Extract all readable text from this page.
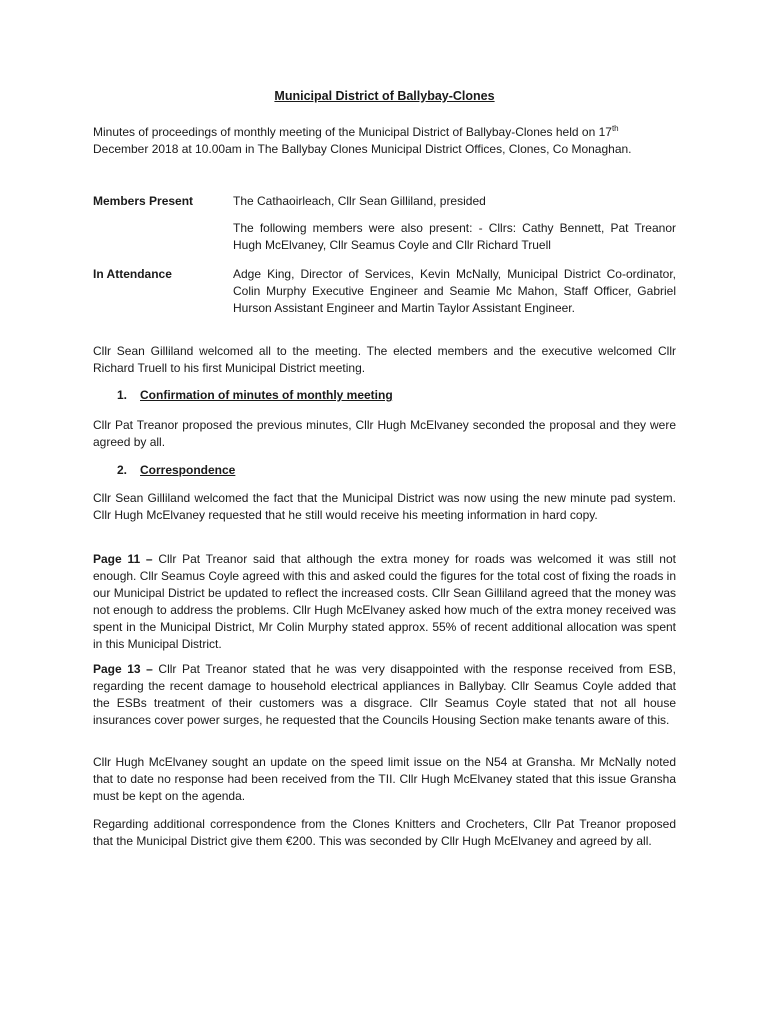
Municipal District of Ballybay-Clones

Minutes of proceedings of monthly meeting of the Municipal District of Ballybay-Clones held on 17th December 2018 at 10.00am in The Ballybay Clones Municipal District Offices, Clones, Co Monaghan.

Members Present	The Cathaoirleach, Cllr Sean Gilliland, presided

The following members were also present: - Cllrs: Cathy Bennett, Pat Treanor Hugh McElvaney, Cllr Seamus Coyle and Cllr Richard Truell

In Attendance	Adge King, Director of Services, Kevin McNally, Municipal District Co-ordinator, Colin Murphy Executive Engineer and Seamie Mc Mahon, Staff Officer, Gabriel Hurson Assistant Engineer and Martin Taylor Assistant Engineer.

Cllr Sean Gilliland welcomed all to the meeting. The elected members and the executive welcomed Cllr Richard Truell to his first Municipal District meeting.

1. Confirmation of minutes of monthly meeting

Cllr Pat Treanor proposed the previous minutes, Cllr Hugh McElvaney seconded the proposal and they were agreed by all.

2. Correspondence

Cllr Sean Gilliland welcomed the fact that the Municipal District was now using the new minute pad system. Cllr Hugh McElvaney requested that he still would receive his meeting information in hard copy.

Page 11 – Cllr Pat Treanor said that although the extra money for roads was welcomed it was still not enough. Cllr Seamus Coyle agreed with this and asked could the figures for the total cost of fixing the roads in our Municipal District be updated to reflect the increased costs. Cllr Sean Gilliland agreed that the money was not enough to address the problems. Cllr Hugh McElvaney asked how much of the extra money received was spent in the Municipal District, Mr Colin Murphy stated approx. 55% of recent additional allocation was spent in this Municipal District.

Page 13 – Cllr Pat Treanor stated that he was very disappointed with the response received from ESB, regarding the recent damage to household electrical appliances in Ballybay. Cllr Seamus Coyle added that the ESBs treatment of their customers was a disgrace. Cllr Seamus Coyle stated that not all house insurances cover power surges, he requested that the Councils Housing Section make tenants aware of this.

Cllr Hugh McElvaney sought an update on the speed limit issue on the N54 at Gransha. Mr McNally noted that to date no response had been received from the TII. Cllr Hugh McElvaney stated that this issue Gransha must be kept on the agenda.

Regarding additional correspondence from the Clones Knitters and Crocheters, Cllr Pat Treanor proposed that the Municipal District give them €200. This was seconded by Cllr Hugh McElvaney and agreed by all.
